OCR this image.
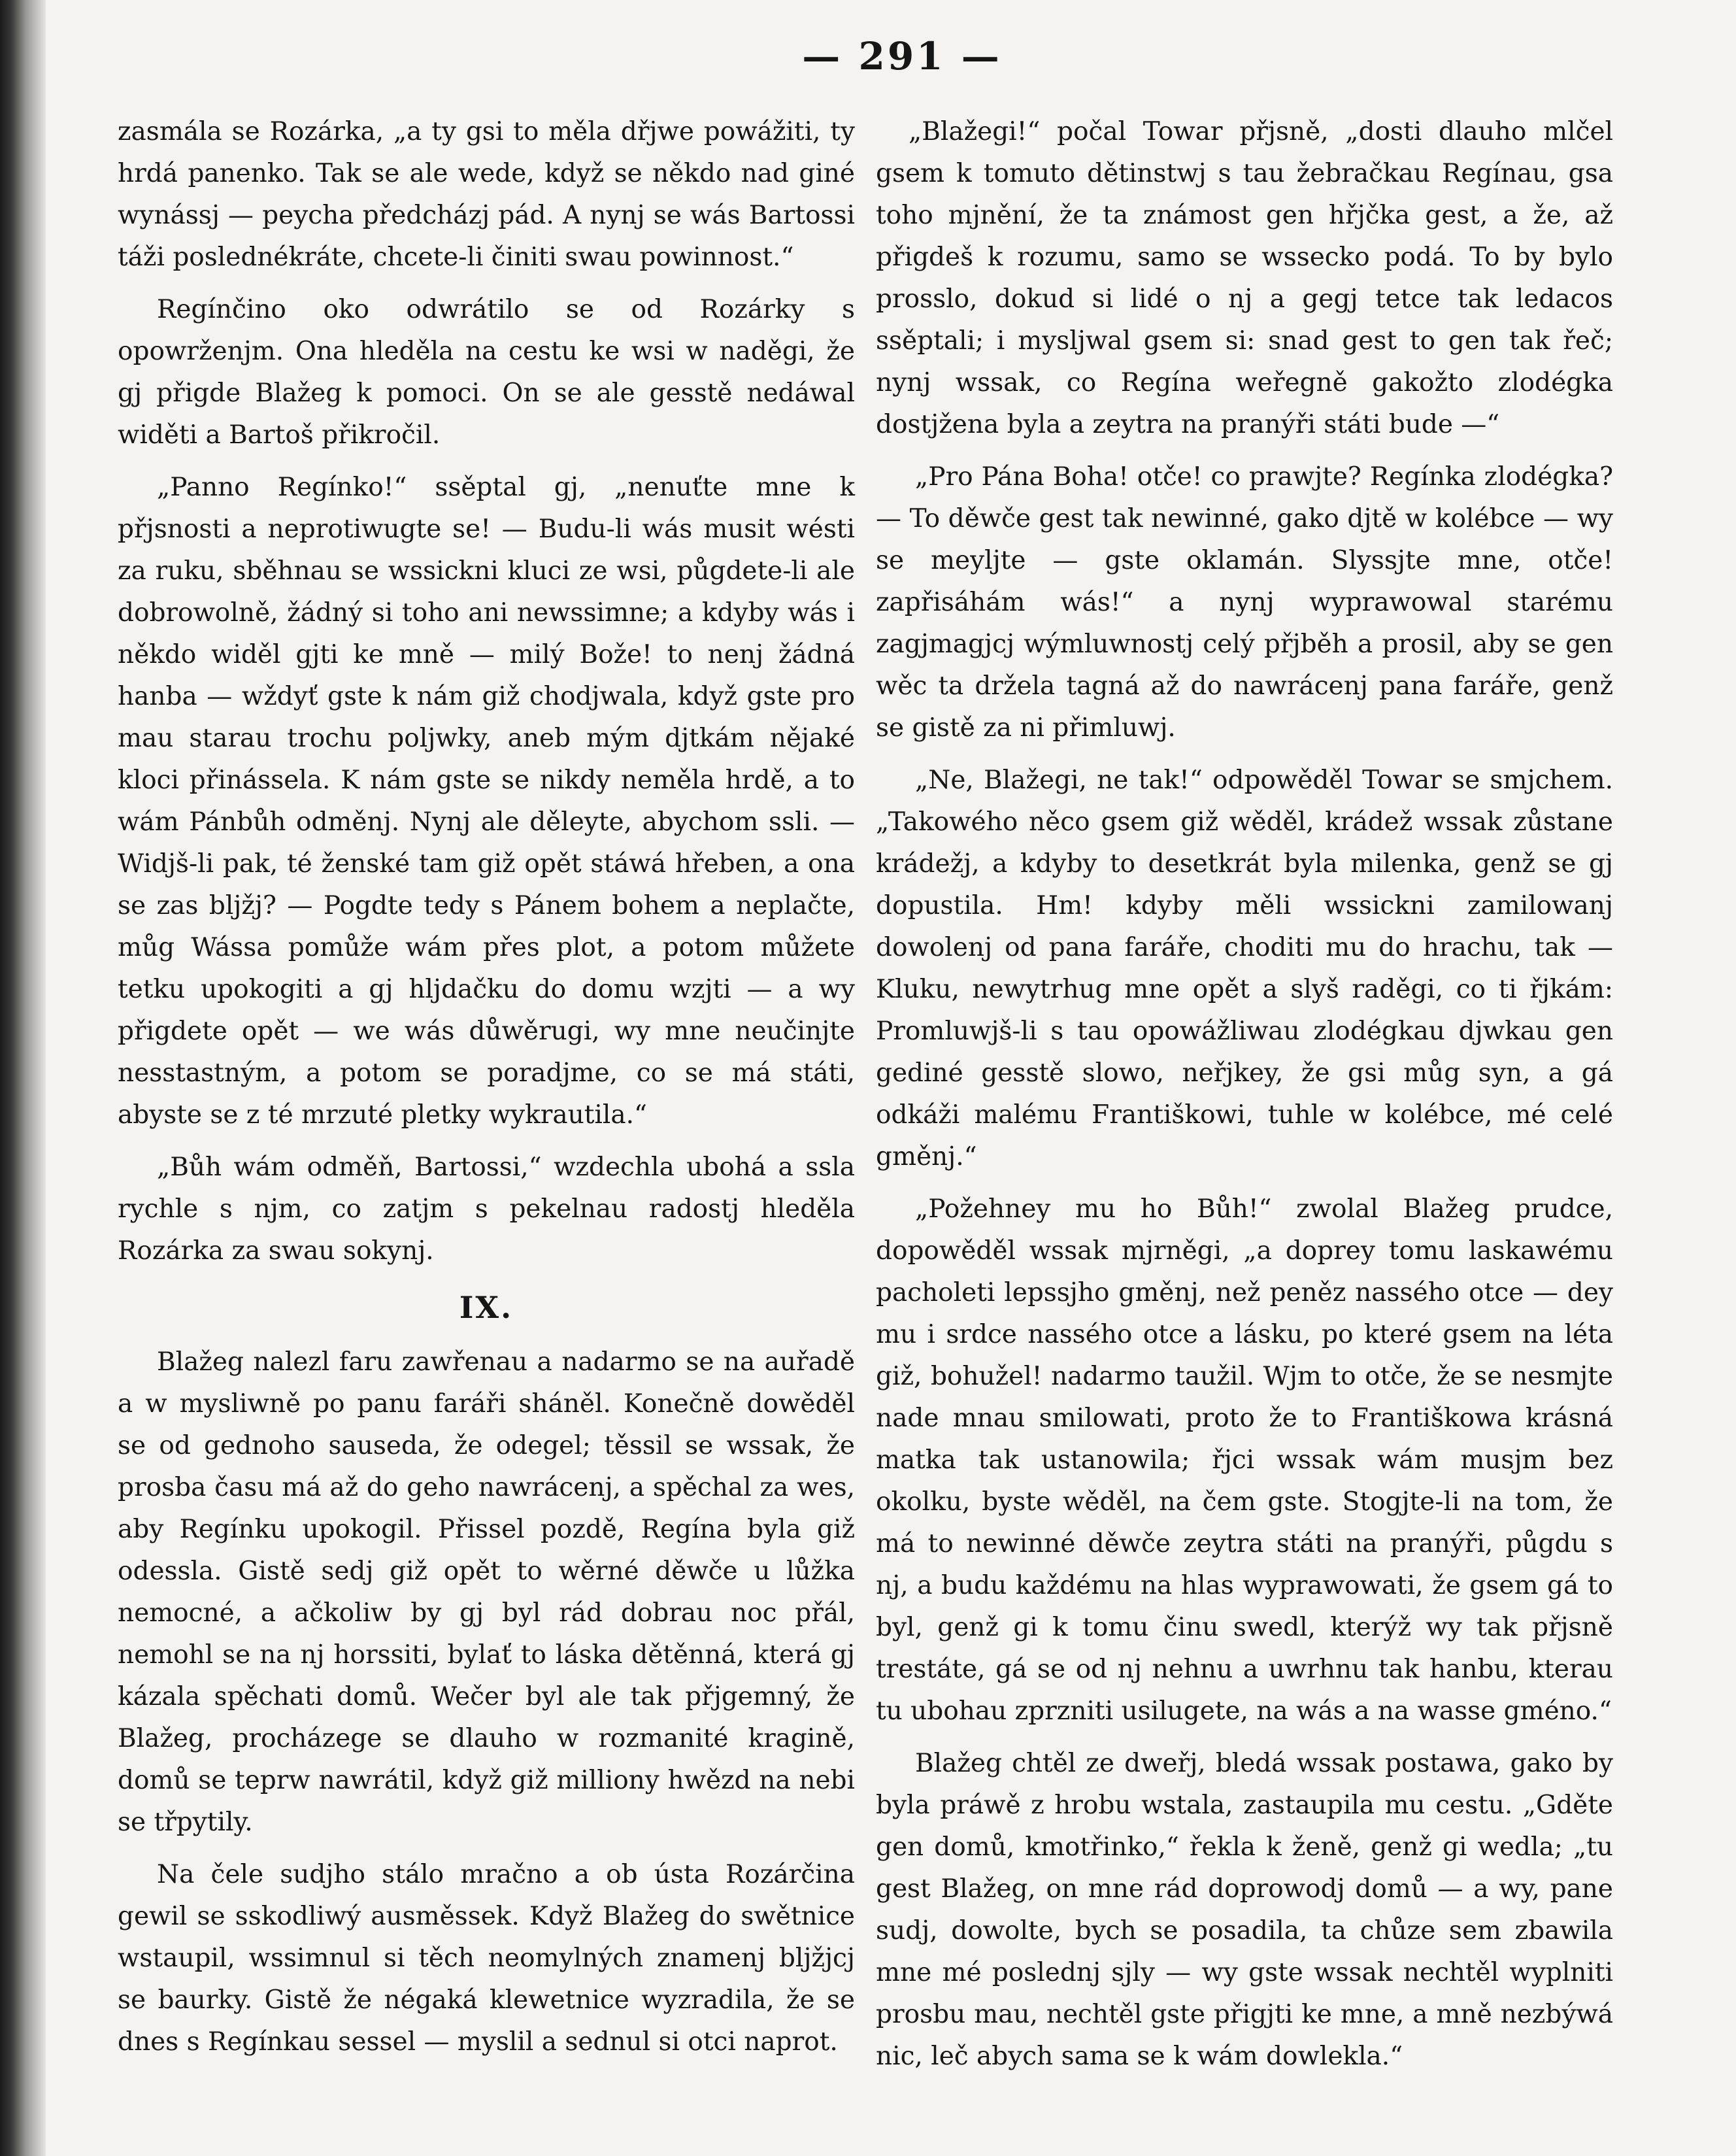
— 291 —

zasmála se Rozárka, „a ty gsi to měla dřjwe powážiti, ty hrdá panenko. Tak se ale wede, když se někdo nad giné wynássj — peycha předcházj pád. A nynj se wás Bartossi táži poslednékráte, chcete-li činiti swau powinnost.“

Regínčino oko odwrátilo se od Rozárky s opowrženjm. Ona hleděla na cestu ke wsi w naděgi, že gj přigde Blažeg k pomoci. On se ale gesstě nedáwal widěti a Bartoš přikročil.

„Panno Regínko!“ ssěptal gj, „nenuťte mne k přjsnosti a neprotiwugte se! — Budu-li wás musit wésti za ruku, sběhnau se wssickni kluci ze wsi, půgdete-li ale dobrowolně, žádný si toho ani newssimne; a kdyby wás i někdo widěl gjti ke mně — milý Bože! to nenj žádná hanba — wždyť gste k nám giž chodjwala, když gste pro mau starau trochu poljwky, aneb mým djtkám nějaké kloci přinássela. K nám gste se nikdy neměla hrdě, a to wám Pánbůh odměnj. Nynj ale děleyte, abychom ssli. — Widjš-li pak, té ženské tam giž opět stáwá hřeben, a ona se zas blјžj? — Pogdte tedy s Pánem bohem a neplačte, můg Wássa pomůže wám přes plot, a potom můžete tetku upokogiti a gj hljdačku do domu wzjti — a wy přigdete opět — we wás důwěrugi, wy mne neučinjte nesstastným, a potom se poradjme, co se má státi, abyste se z té mrzuté pletky wykrautila.“

„Bůh wám odměň, Bartossi,“ wzdechla ubohá a ssla rychle s njm, co zatjm s pekelnau radostj hleděla Rozárka za swau sokynj.

IX.

Blažeg nalezl faru zawřenau a nadarmo se na auřadě a w myslіwně po panu faráři sháněl. Konečně dowěděl se od gednoho sauseda, že odegel; těssil se wssak, že prosba času má až do geho nawrácenj, a spěchal za wes, aby Regínku upokogil. Přissel pozdě, Regína byla giž odessla. Gistě sedj giž opět to wěrné děwče u lůžka nemocné, a ačkoliw by gj byl rád dobrau noc přál, nemohl se na nj horssiti, bylať to láska dětěnná, která gj kázala spěchati domů. Wečer byl ale tak přjgemný, že Blažeg, procházege se dlauho w rozmanité kragině, domů se teprw nawrátil, když giž milliony hwězd na nebi se třpytily.

Na čele sudjho stálo mračno a ob ústa Rozárčina gewil se sskodliwý ausměssek. Když Blažeg do swětnice wstaupil, wssimnul si těch neomylných znamenj blјžjcj se baurky. Gistě že négaká klewetnice wyzradila, že se dnes s Regínkau sessel — myslil a sednul si otci naprot.

„Blažegi!“ počal Towar přjsně, „dosti dlauho mlčel gsem k tomuto dětinstwj s tau žebračkau Regínau, gsa toho mjnění, že ta známost gen hřjčka gest, a že, až přigdeš k rozumu, samo se wssecko podá. To by bylo prosslo, dokud si lidé o nj a gegj tetce tak ledacos ssěptali; i myslјwal gsem si: snad gest to gen tak řeč; nynj wssak, co Regína weřegně gakožto zlodégka dostjžena byla a zeytra na pranýři státi bude —“

„Pro Pána Boha! otče! co prawjte? Regínka zlodégka? — To děwče gest tak newinné, gako djtě w kolébce — wy se meylјte — gste oklamán. Slyssjte mne, otče! zapřisáhám wás!“ a nynj wyprawowal starému zagjmagjcj wýmluwnostj celý přjběh a prosil, aby se gen wěc ta držela tagná až do nawrácenj pana faráře, genž se gistě za ni přimluwj.

„Ne, Blažegi, ne tak!“ odpowěděl Towar se smjchem. „Takowého něco gsem giž wěděl, krádež wssak zůstane krádežj, a kdyby to desetkrát byla milenka, genž se gj dopustila. Hm! kdyby měli wssickni zamilowanj dowolenj od pana faráře, choditi mu do hrachu, tak — Kluku, newytrhug mne opět a slyš raděgi, co ti řjkám: Promluwjš-li s tau opowážliwau zlodégkau djwkau gen gediné gesstě slowo, neřjkey, že gsi můg syn, a gá odkáži malému Františkowi, tuhle w kolébce, mé celé gměnj.“

„Požehney mu ho Bůh!“ zwolal Blažeg prudce, dopowěděl wssak mjrněgi, „a doprey tomu laskawému pacholeti lepssјho gměnj, než peněz nassého otce — dey mu i srdce nassého otce a lásku, po které gsem na léta giž, bohužel! nadarmo taužil. Wjm to otče, že se nesmjte nade mnau smilowati, proto že to Františkowa krásná matka tak ustanowila; řjci wssak wám musјm bez okolku, byste wěděl, na čem gste. Stogjte-li na tom, že má to newinné děwče zeytra státi na pranýři, půgdu s nj, a budu každému na hlas wyprawowati, že gsem gá to byl, genž gi k tomu činu swedl, kterýž wy tak přjsně trestáte, gá se od nj nehnu a uwrhnu tak hanbu, kterau tu ubohau zprzniti usilugete, na wás a na wasse gméno.“

Blažeg chtěl ze dweřj, bledá wssak postawa, gako by byla práwě z hrobu wstala, zastaupila mu cestu. „Gděte gen domů, kmotřinko,“ řekla k ženě, genž gi wedla; „tu gest Blažeg, on mne rád doprowodj domů — a wy, pane sudj, dowolte, bych se posadila, ta chůze sem zbawila mne mé poslednj sjly — wy gste wssak nechtěl wyplniti prosbu mau, nechtěl gste přigjti ke mne, a mně nezbýwá nic, leč abych sama se k wám dowlekla.“
